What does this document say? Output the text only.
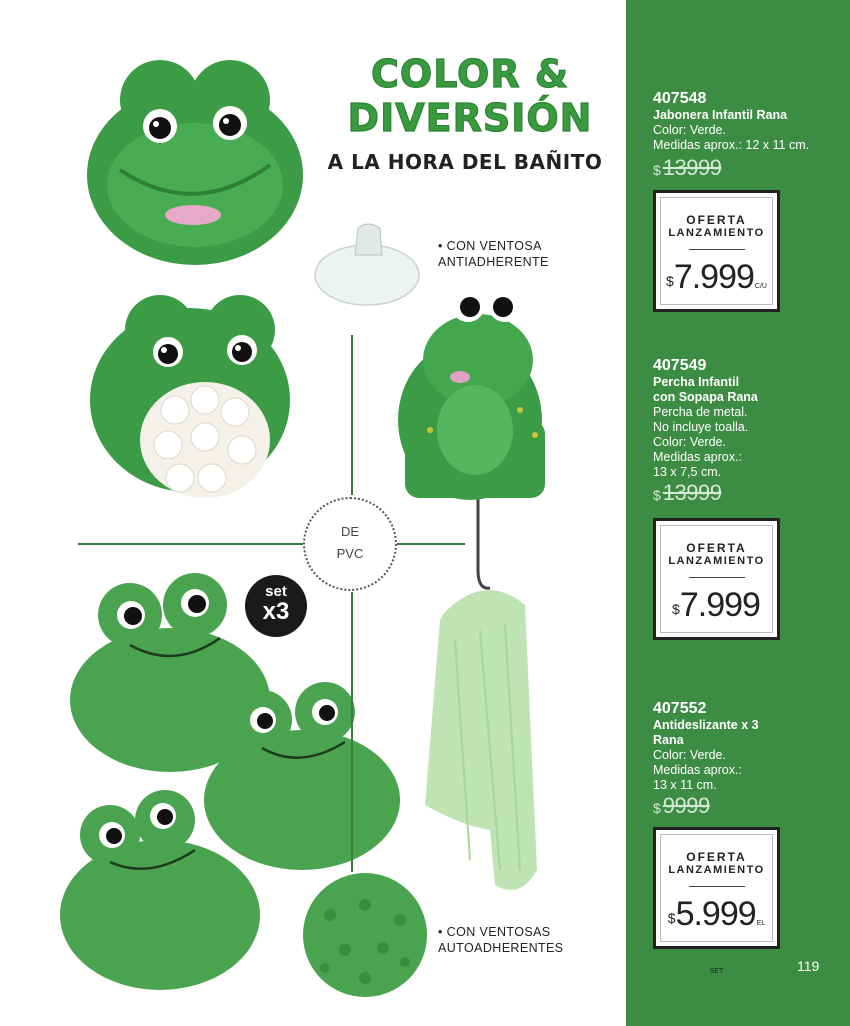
COLOR &
DIVERSIÓN
A LA HORA DEL BAÑITO
• CON VENTOSA
ANTIADHERENTE
• CON VENTOSAS
AUTOADHERENTES
DE
PVC
set
x3
407548
Jabonera Infantil Rana
Color: Verde.
Medidas aprox.: 12 x 11 cm.
$13999
OFERTA
LANZAMIENTO
$7.999C/U
407549
Percha Infantil
con Sopapa Rana
Percha de metal.
No incluye toalla.
Color: Verde.
Medidas aprox.:
13 x 7,5 cm.
$13999
OFERTA
LANZAMIENTO
$7.999
407552
Antideslizante x 3
Rana
Color: Verde.
Medidas aprox.:
13 x 11 cm.
$9999
OFERTA
LANZAMIENTO
$5.999EL SET	119
